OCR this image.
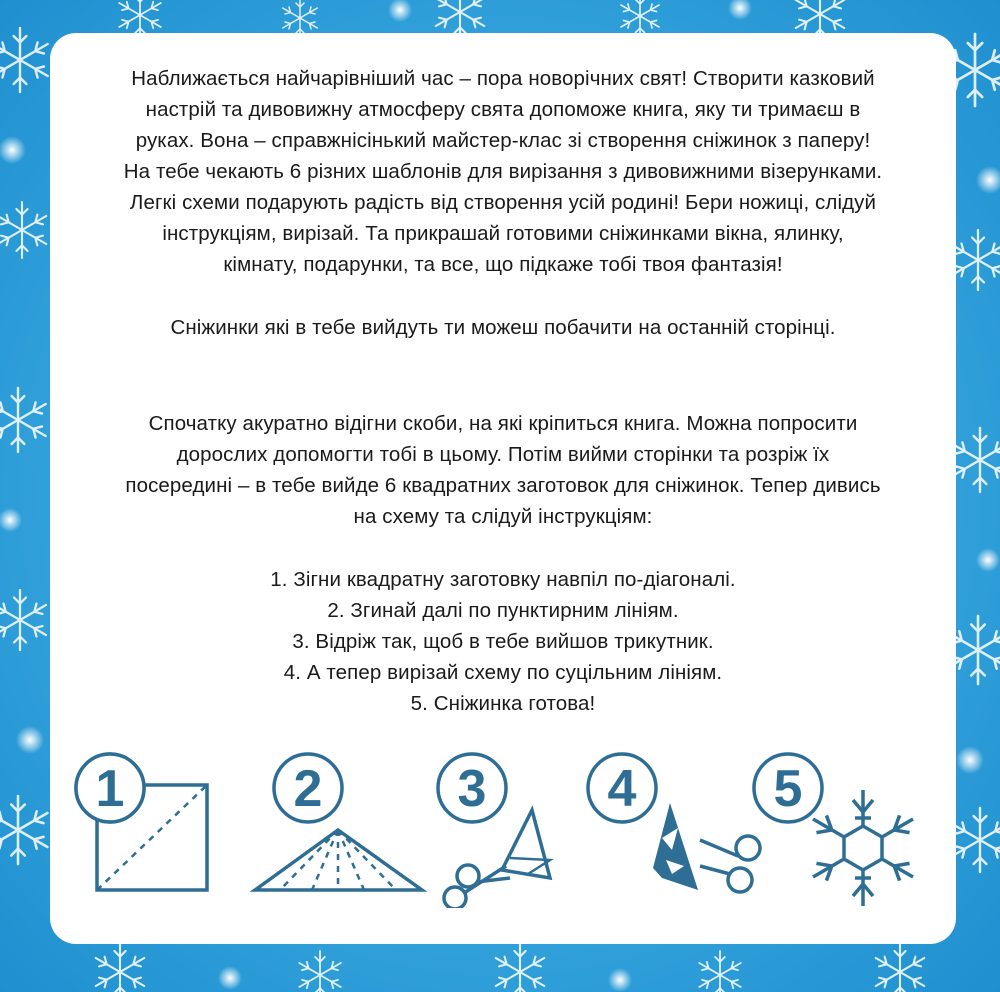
Наближається найчарівніший час – пора новорічних свят! Створити казковий
настрій та дивовижну атмосферу свята допоможе книга, яку ти тримаєш в
руках. Вона – справжнісінький майстер-клас зі створення сніжинок з паперу!
На тебе чекають 6 різних шаблонів для вирізання з дивовижними візерунками.
Легкі схеми подарують радість від створення усій родині! Бери ножиці, слідуй
інструкціям, вирізай. Та прикрашай готовими сніжинками вікна, ялинку,
кімнату, подарунки, та все, що підкаже тобі твоя фантазія!
Сніжинки які в тебе вийдуть ти можеш побачити на останній сторінці.
Спочатку акуратно відігни скоби, на які кріпиться книга. Можна попросити
дорослих допомогти тобі в цьому. Потім вийми сторінки та розріж їх
посередині – в тебе вийде 6 квадратних заготовок для сніжинок. Тепер дивись
на схему та слідуй інструкціям:
1. Зігни квадратну заготовку навпіл по-діагоналі.
2. Згинай далі по пунктирним лініям.
3. Відріж так, щоб в тебе вийшов трикутник.
4. А тепер вирізай схему по суцільним лініям.
5. Сніжинка готова!
1	2	3 4	5
